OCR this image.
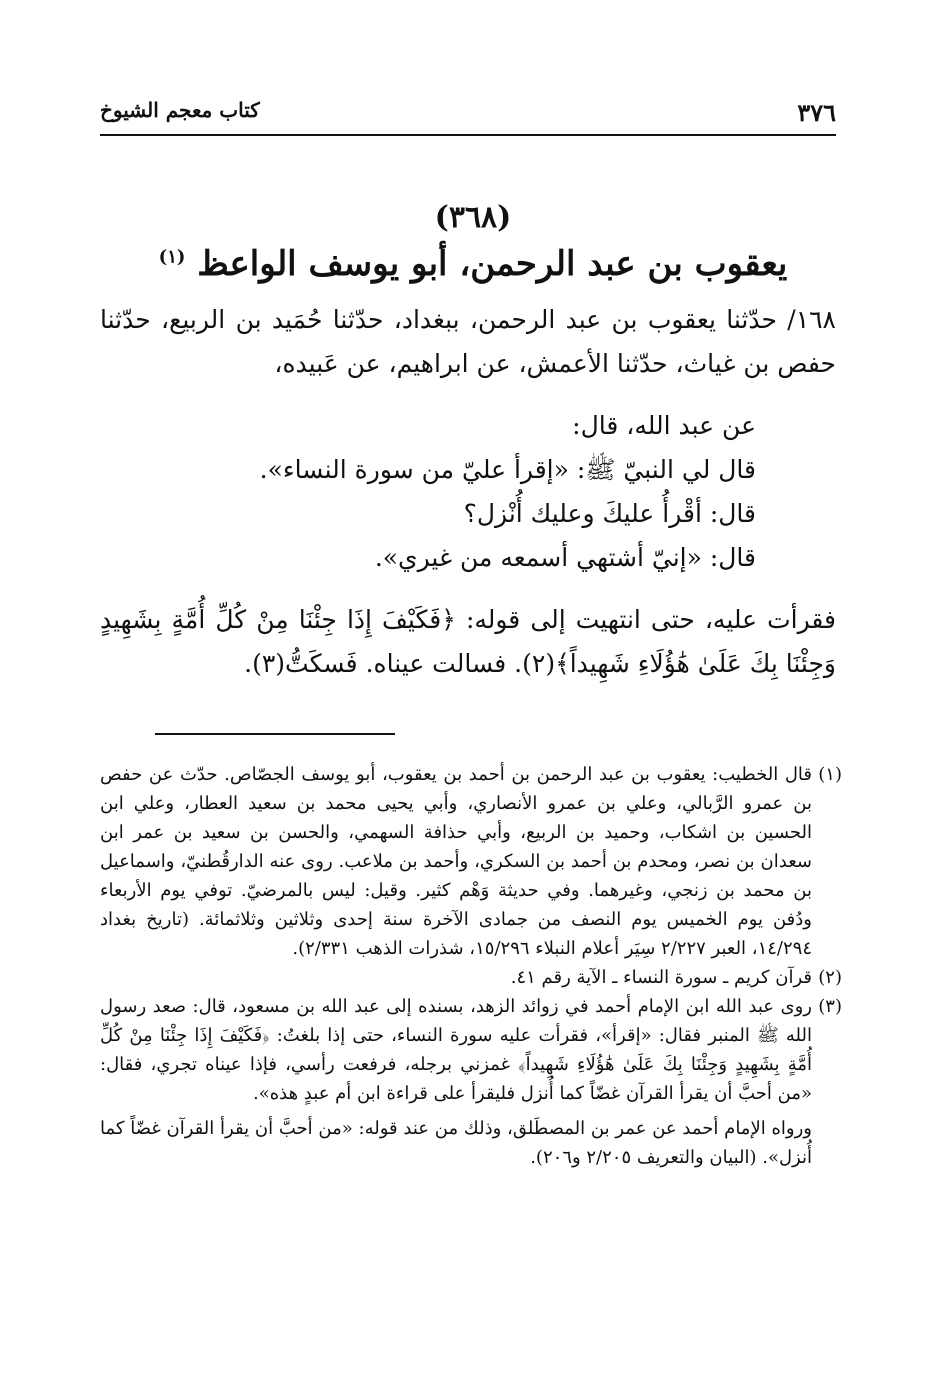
٣٧٦
كتاب معجم الشيوخ
(٣٦٨)
يعقوب بن عبد الرحمن، أبو يوسف الواعظ $^{(١)}$

١٦٨/ حدّثنا يعقوب بن عبد الرحمن، ببغداد، حدّثنا حُمَيد بن الربيع، حدّثنا حفص بن غياث، حدّثنا الأعمش، عن ابراهيم، عن عَبيده،

عن عبد الله، قال:

قال لي النبيّ ﷺ: «إقرأ عليّ من سورة النساء».

قال: أقْرأُ عليكَ وعليك أُنْزل؟

قال: «إنيّ أشتهي أسمعه من غيري».

فقرأت عليه، حتى انتهيت إلى قوله: ﴿فَكَيْفَ إِذَا جِئْنَا مِنْ كُلِّ أُمَّةٍ بِشَهِيدٍ وَجِئْنَا بِكَ عَلَىٰ هَٰؤُلَاءِ شَهِيداً﴾(٢). فسالت عيناه. فَسكَتُّ(٣).

(١)
قال الخطيب: يعقوب بن عبد الرحمن بن أحمد بن يعقوب، أبو يوسف الجصّاص. حدّث عن حفص بن عمرو الرَّبالي، وعلي بن عمرو الأنصاري، وأبي يحيى محمد بن سعيد العطار، وعلي ابن الحسين بن اشكاب، وحميد بن الربيع، وأبي حذافة السهمي، والحسن بن سعيد بن عمر ابن سعدان بن نصر، ومحدم بن أحمد بن السكري، وأحمد بن ملاعب. روى عنه الدارقُطنيّ، واسماعيل بن محمد بن زنجي، وغيرهما. وفي حديثة وَهْم كثير. وقيل: ليس بالمرضيّ. توفي يوم الأربعاء ودُفن يوم الخميس يوم النصف من جمادى الآخرة سنة إحدى وثلاثين وثلاثمائة. (تاريخ بغداد ١٤/٢٩٤، العبر ٢/٢٢٧ سِيَر أعلام النبلاء ١٥/٢٩٦، شذرات الذهب ٢/٣٣١).

(٢)
قرآن كريم ـ سورة النساء ـ الآية رقم ٤١.

(٣)
روى عبد الله ابن الإمام أحمد في زوائد الزهد، بسنده إلى عبد الله بن مسعود، قال: صعد رسول الله ﷺ المنبر فقال: «إقرأ»، فقرأت عليه سورة النساء، حتى إذا بلغتُ: ﴿فَكَيْفَ إِذَا جِئْنَا مِنْ كُلِّ أُمَّةٍ بِشَهِيدٍ وَجِئْنَا بِكَ عَلَىٰ هَٰؤُلَاءِ شَهِيداً﴾ غمزني برجله، فرفعت رأسي، فإذا عيناه تجري، فقال: «من أحبَّ أن يقرأ القرآن غضّاً كما أُنزل فليقرأ على قراءة ابن أم عبدٍ هذه».

ورواه الإمام أحمد عن عمر بن المصطَلق، وذلك من عند قوله: «من أحبَّ أن يقرأ القرآن غضّاً كما أُنزل». (البيان والتعريف ٢/٢٠٥ و٢٠٦).
